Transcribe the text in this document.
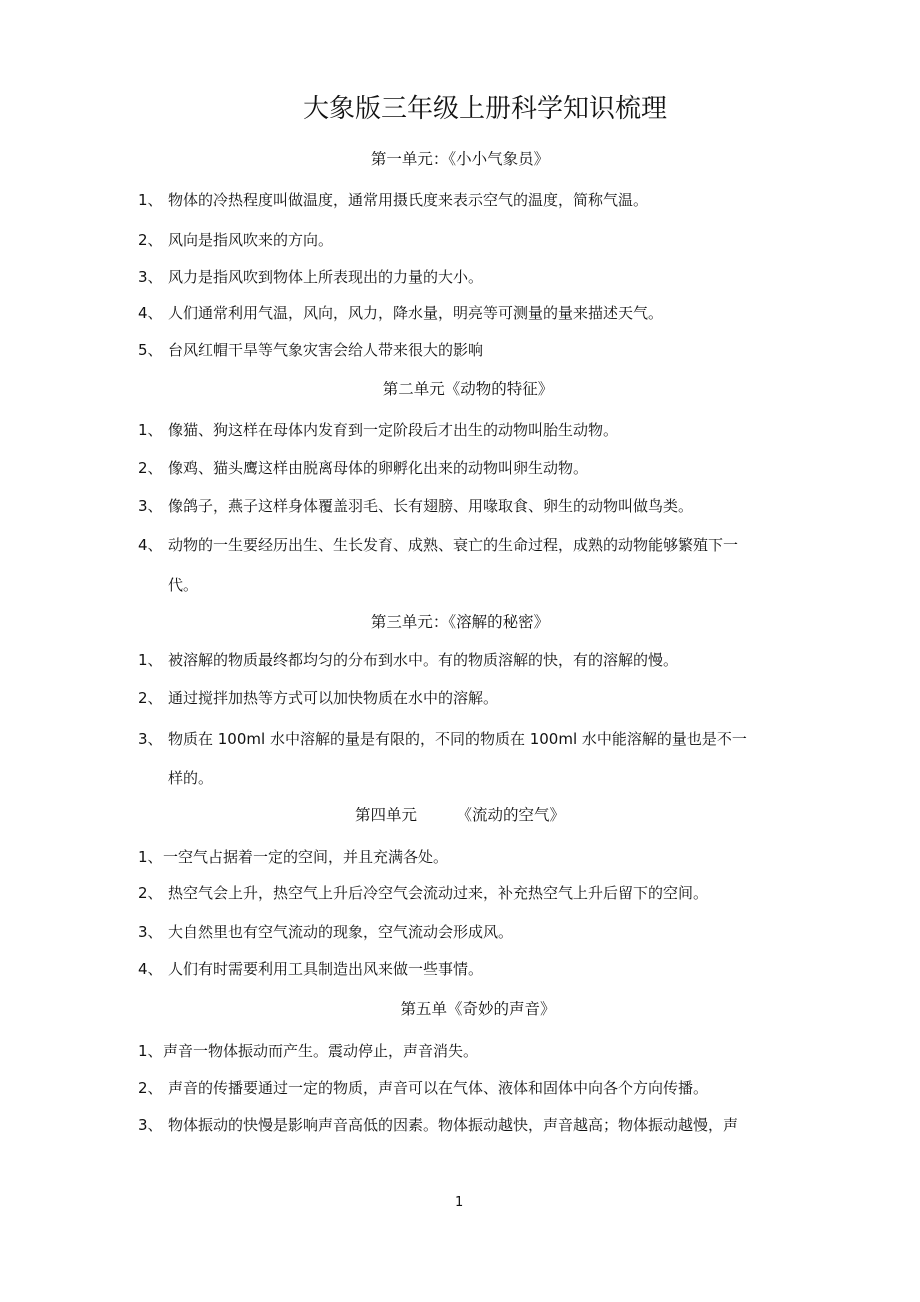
大象版三年级上册科学知识梳理
第一单元：《小小气象员》
1、 物体的冷热程度叫做温度，通常用摄氏度来表示空气的温度，简称气温。
2、 风向是指风吹来的方向。
3、 风力是指风吹到物体上所表现出的力量的大小。
4、 人们通常利用气温，风向，风力，降水量，明亮等可测量的量来描述天气。
5、 台风红帽干旱等气象灾害会给人带来很大的影响
第二单元《动物的特征》
1、 像猫、狗这样在母体内发育到一定阶段后才出生的动物叫胎生动物。
2、 像鸡、猫头鹰这样由脱离母体的卵孵化出来的动物叫卵生动物。
3、 像鸽子，燕子这样身体覆盖羽毛、长有翅膀、用喙取食、卵生的动物叫做鸟类。
4、 动物的一生要经历出生、生长发育、成熟、衰亡的生命过程，成熟的动物能够繁殖下一
代。
第三单元：《溶解的秘密》
1、 被溶解的物质最终都均匀的分布到水中。有的物质溶解的快，有的溶解的慢。
2、 通过搅拌加热等方式可以加快物质在水中的溶解。
3、 物质在 100ml 水中溶解的量是有限的，不同的物质在 100ml 水中能溶解的量也是不一
样的。
第四单元        《流动的空气》
1、 一空气占据着一定的空间，并且充满各处。
2、 热空气会上升，热空气上升后冷空气会流动过来，补充热空气上升后留下的空间。
3、 大自然里也有空气流动的现象，空气流动会形成风。
4、 人们有时需要利用工具制造出风来做一些事情。
第五单《奇妙的声音》
1、 声音一物体振动而产生。震动停止，声音消失。
2、 声音的传播要通过一定的物质，声音可以在气体、液体和固体中向各个方向传播。
3、 物体振动的快慢是影响声音高低的因素。物体振动越快，声音越高；物体振动越慢，声
1
